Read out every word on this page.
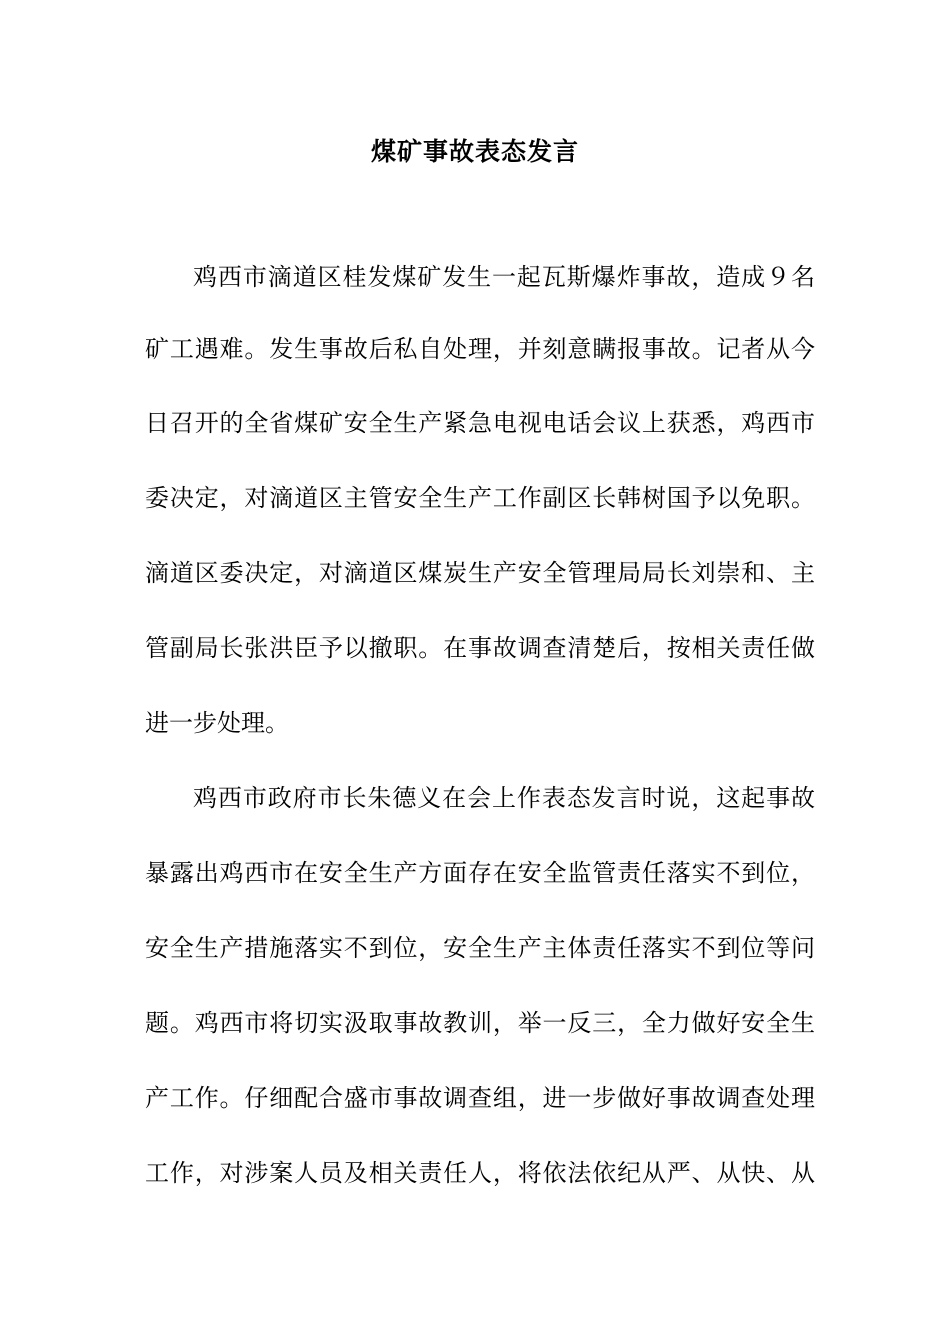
煤矿事故表态发言
鸡西市滴道区桂发煤矿发生一起瓦斯爆炸事故，造成９名
矿工遇难。发生事故后私自处理，并刻意瞒报事故。记者从今
日召开的全省煤矿安全生产紧急电视电话会议上获悉，鸡西市
委决定，对滴道区主管安全生产工作副区长韩树国予以免职。
滴道区委决定，对滴道区煤炭生产安全管理局局长刘崇和、主
管副局长张洪臣予以撤职。在事故调查清楚后，按相关责任做
进一步处理。
鸡西市政府市长朱德义在会上作表态发言时说，这起事故
暴露出鸡西市在安全生产方面存在安全监管责任落实不到位，
安全生产措施落实不到位，安全生产主体责任落实不到位等问
题。鸡西市将切实汲取事故教训，举一反三，全力做好安全生
产工作。仔细配合盛市事故调查组，进一步做好事故调查处理
工作，对涉案人员及相关责任人，将依法依纪从严、从快、从
